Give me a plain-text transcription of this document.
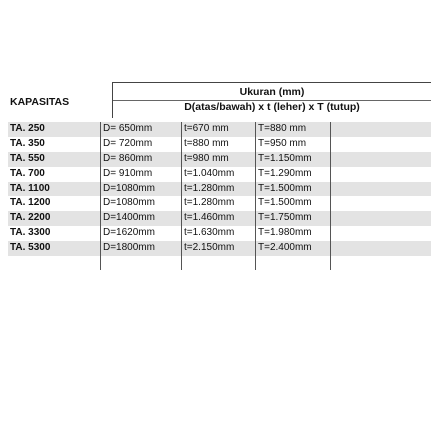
KAPASITAS
Ukuran (mm)
D(atas/bawah) x t (leher) x T (tutup)
TA. 250	D= 650mm	t=670 mm	T=880 mm
TA. 350	D= 720mm	t=880 mm	T=950 mm
TA. 550	D= 860mm	t=980 mm	T=1.150mm
TA. 700	D= 910mm	t=1.040mm T=1.290mm
TA. 1100	D=1080mm	t=1.280mm T=1.500mm
TA. 1200	D=1080mm	t=1.280mm T=1.500mm
TA. 2200	D=1400mm	t=1.460mm T=1.750mm
TA. 3300	D=1620mm	t=1.630mm T=1.980mm
TA. 5300	D=1800mm	t=2.150mm T=2.400mm
